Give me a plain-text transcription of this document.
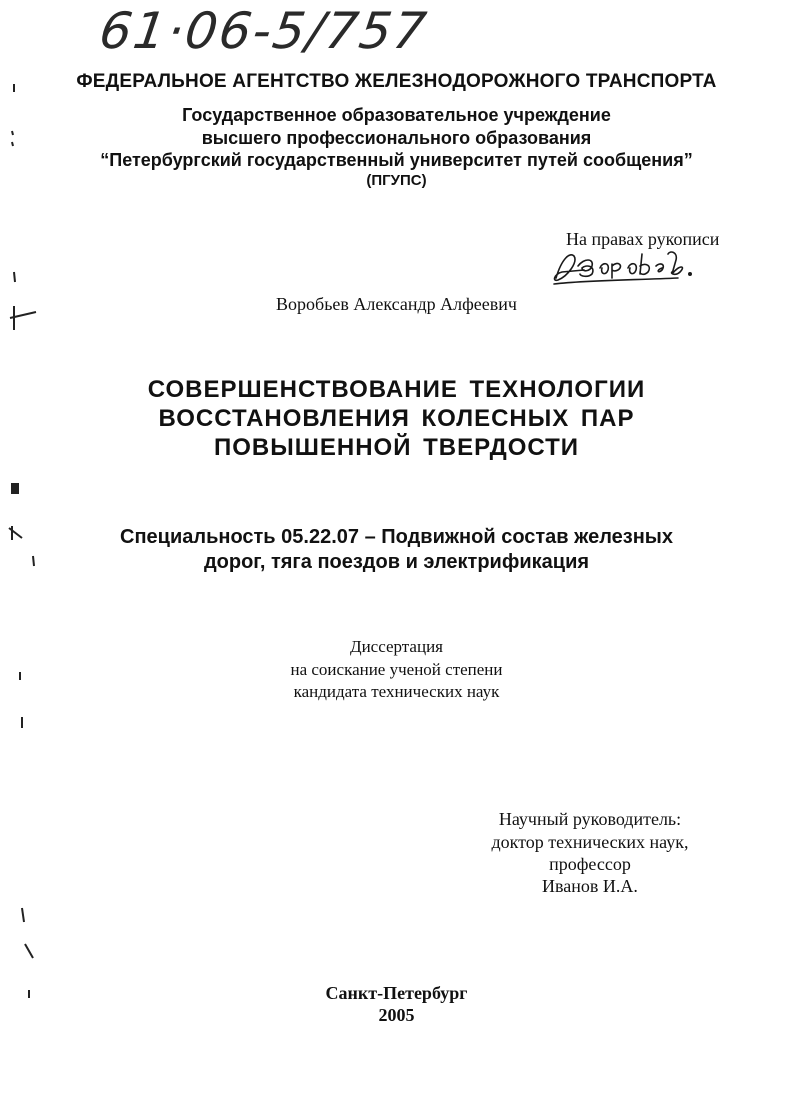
61·06-5/757
ФЕДЕРАЛЬНОЕ АГЕНТСТВО ЖЕЛЕЗНОДОРОЖНОГО ТРАНСПОРТА
Государственное образовательное учреждение
высшего профессионального образования
“Петербургский государственный университет путей сообщения”
(ПГУПС)
На правах рукописи
Воробьев Александр Алфеевич
СОВЕРШЕНСТВОВАНИЕ ТЕХНОЛОГИИ
ВОССТАНОВЛЕНИЯ КОЛЕСНЫХ ПАР
ПОВЫШЕННОЙ ТВЕРДОСТИ
Специальность 05.22.07 – Подвижной состав железных
дорог, тяга поездов и электрификация
Диссертация
на соискание ученой степени
кандидата технических наук
Научный руководитель:
доктор технических наук,
профессор
Иванов И.А.
Санкт-Петербург
2005
